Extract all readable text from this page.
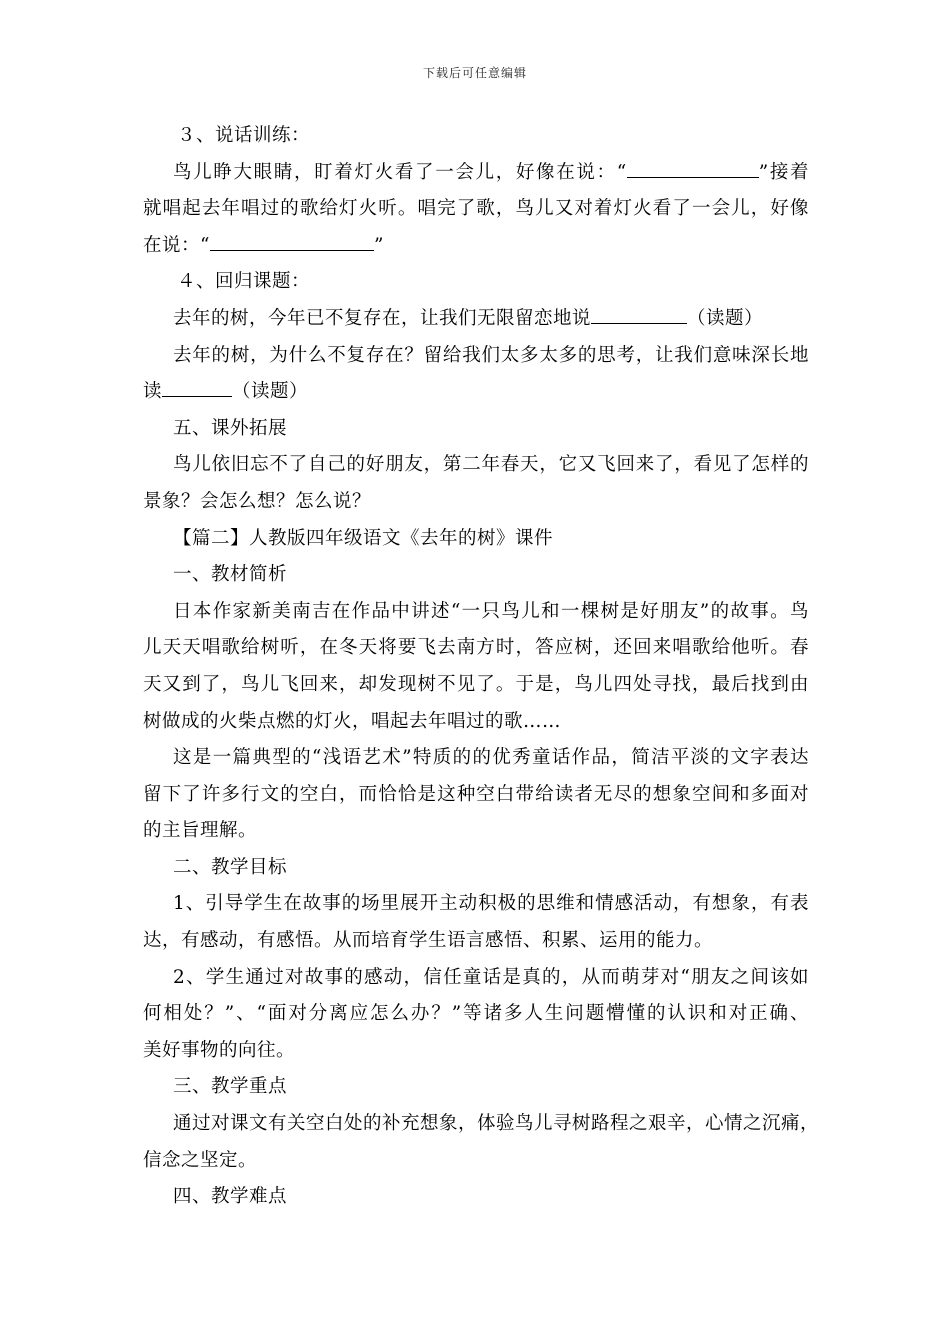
下载后可任意编辑
３、说话训练：
鸟儿睁大眼睛，盯着灯火看了一会儿，好像在说：“	”接着
就唱起去年唱过的歌给灯火听。唱完了歌，鸟儿又对着灯火看了一会儿，好像
在说：“	”
４、回归课题：
去年的树，今年已不复存在，让我们无限留恋地说	（读题）
去年的树，为什么不复存在？留给我们太多太多的思考，让我们意味深长地
读	（读题）
五、课外拓展
鸟儿依旧忘不了自己的好朋友，第二年春天，它又飞回来了，看见了怎样的
景象？会怎么想？怎么说？
【篇二】人教版四年级语文《去年的树》课件
一、教材简析
日本作家新美南吉在作品中讲述“一只鸟儿和一棵树是好朋友”的故事。鸟
儿天天唱歌给树听，在冬天将要飞去南方时，答应树，还回来唱歌给他听。春
天又到了，鸟儿飞回来，却发现树不见了。于是，鸟儿四处寻找，最后找到由
树做成的火柴点燃的灯火，唱起去年唱过的歌……
这是一篇典型的“浅语艺术”特质的的优秀童话作品，简洁平淡的文字表达
留下了许多行文的空白，而恰恰是这种空白带给读者无尽的想象空间和多面对
的主旨理解。
二、教学目标
1、引导学生在故事的场里展开主动积极的思维和情感活动，有想象，有表
达，有感动，有感悟。从而培育学生语言感悟、积累、运用的能力。
2、学生通过对故事的感动，信任童话是真的，从而萌芽对“朋友之间该如
何相处？”、“面对分离应怎么办？”等诸多人生问题懵懂的认识和对正确、
美好事物的向往。
三、教学重点
通过对课文有关空白处的补充想象，体验鸟儿寻树路程之艰辛，心情之沉痛，
信念之坚定。
四、教学难点
